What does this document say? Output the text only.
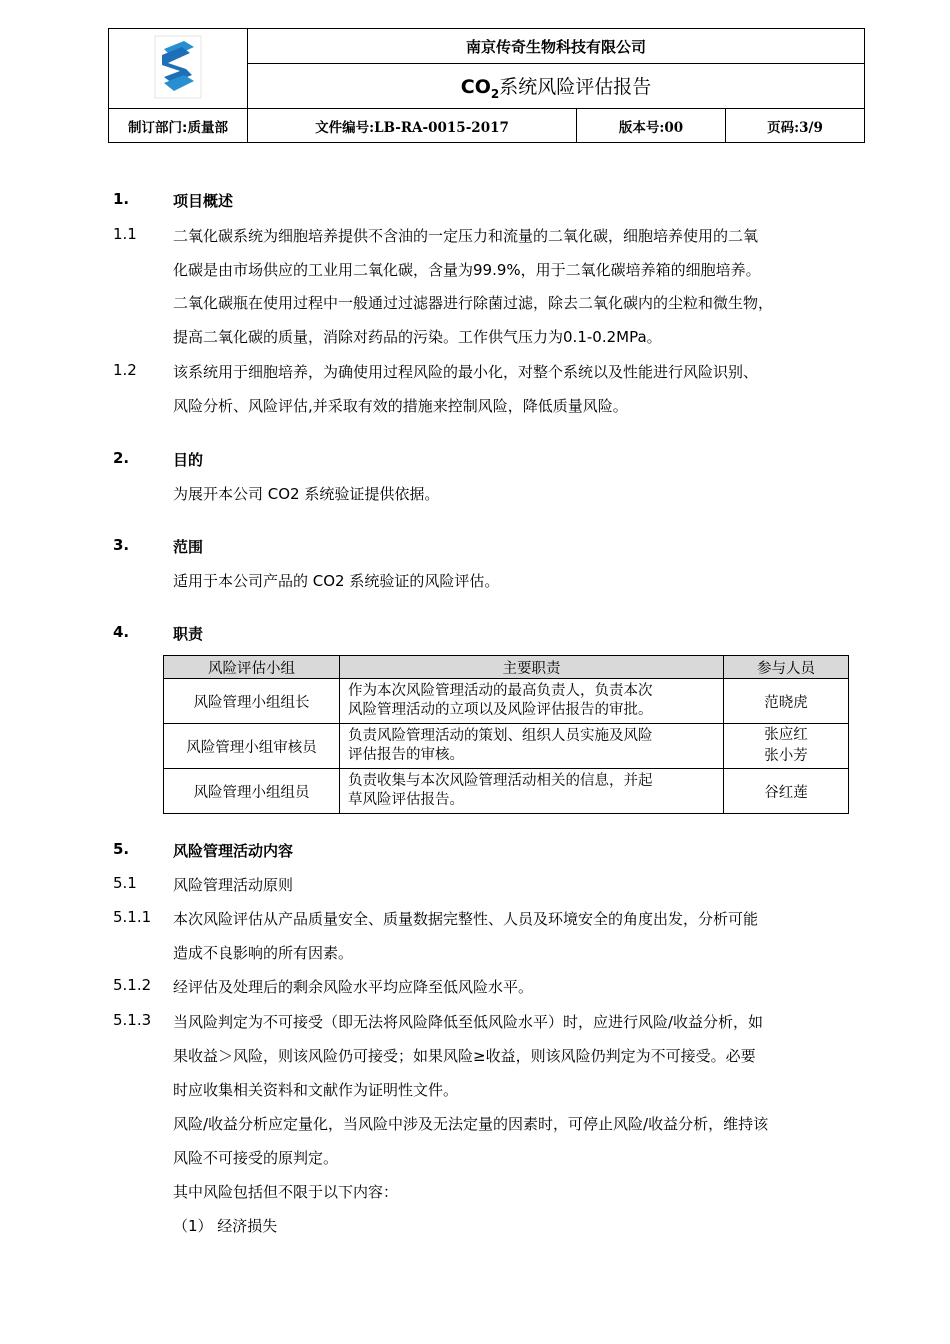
	南京传奇生物科技有限公司		
	$CO_2$系统风险评估报告		
制订部门:质量部	文件编号:LB-RA-0015-2017	版本号:00	页码:3/9
1.	项目概述
1.1 二氧化碳系统为细胞培养提供不含油的一定压力和流量的二氧化碳，细胞培养使用的二氧
化碳是由市场供应的工业用二氧化碳，含量为99.9%，用于二氧化碳培养箱的细胞培养。
二氧化碳瓶在使用过程中一般通过过滤器进行除菌过滤，除去二氧化碳内的尘粒和微生物，
提高二氧化碳的质量，消除对药品的污染。工作供气压力为0.1-0.2MPa。
1.2 该系统用于细胞培养，为确使用过程风险的最小化，对整个系统以及性能进行风险识别、
风险分析、风险评估,并采取有效的措施来控制风险，降低质量风险。
2.	目的
为展开本公司 CO2 系统验证提供依据。
3.	范围
适用于本公司产品的 CO2 系统验证的风险评估。
4.	职责
5.	风险管理活动内容
5.1 风险管理活动原则
5.1.1 本次风险评估从产品质量安全、质量数据完整性、人员及环境安全的角度出发，分析可能
造成不良影响的所有因素。
5.1.2 经评估及处理后的剩余风险水平均应降至低风险水平。
5.1.3 当风险判定为不可接受（即无法将风险降低至低风险水平）时，应进行风险/收益分析，如
果收益＞风险，则该风险仍可接受；如果风险≥收益，则该风险仍判定为不可接受。必要
时应收集相关资料和文献作为证明性文件。
风险/收益分析应定量化，当风险中涉及无法定量的因素时，可停止风险/收益分析，维持该
风险不可接受的原判定。
其中风险包括但不限于以下内容：
（1） 经济损失
风险评估小组	主要职责	参与人员
风险管理小组组长	作为本次风险管理活动的最高负责人，负责本次
风险管理活动的立项以及风险评估报告的审批。	范晓虎
风险管理小组审核员	负责风险管理活动的策划、组织人员实施及风险
评估报告的审核。	张应红
张小芳
风险管理小组组员	负责收集与本次风险管理活动相关的信息，并起
草风险评估报告。	谷红莲
